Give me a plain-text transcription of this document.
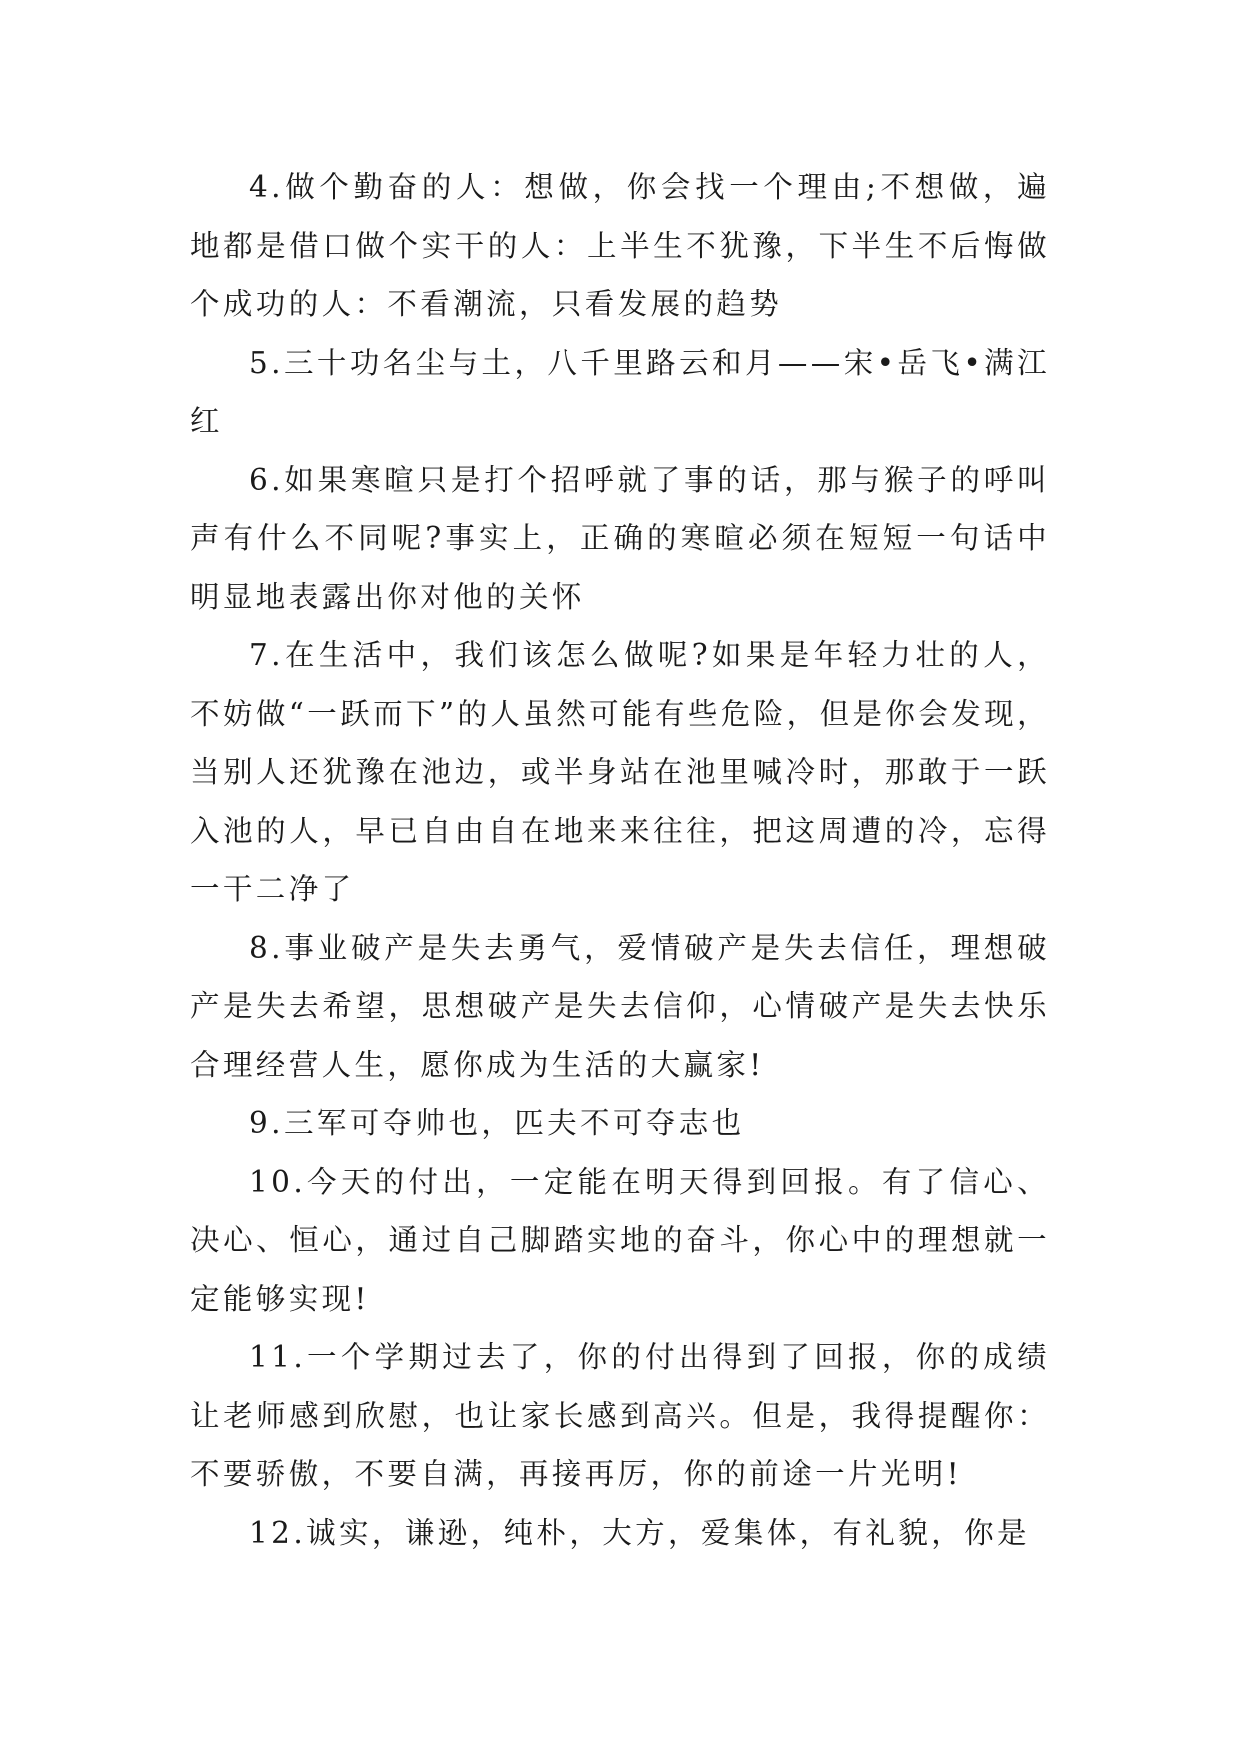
4.做个勤奋的人：想做，你会找一个理由;不想做，遍地都是借口做个实干的人：上半生不犹豫，下半生不后悔做个成功的人：不看潮流，只看发展的趋势

5.三十功名尘与土，八千里路云和月——宋•岳飞•满江红

6.如果寒暄只是打个招呼就了事的话，那与猴子的呼叫声有什么不同呢?事实上，正确的寒暄必须在短短一句话中明显地表露出你对他的关怀

7.在生活中，我们该怎么做呢?如果是年轻力壮的人，不妨做“一跃而下”的人虽然可能有些危险，但是你会发现，当别人还犹豫在池边，或半身站在池里喊冷时，那敢于一跃入池的人，早已自由自在地来来往往，把这周遭的冷，忘得一干二净了

8.事业破产是失去勇气，爱情破产是失去信任，理想破产是失去希望，思想破产是失去信仰，心情破产是失去快乐合理经营人生，愿你成为生活的大赢家!

9.三军可夺帅也，匹夫不可夺志也

10.今天的付出，一定能在明天得到回报。有了信心、决心、恒心，通过自己脚踏实地的奋斗，你心中的理想就一定能够实现!

11.一个学期过去了，你的付出得到了回报，你的成绩让老师感到欣慰，也让家长感到高兴。但是，我得提醒你：不要骄傲，不要自满，再接再厉，你的前途一片光明!

12.诚实，谦逊，纯朴，大方，爱集体，有礼貌，你是
